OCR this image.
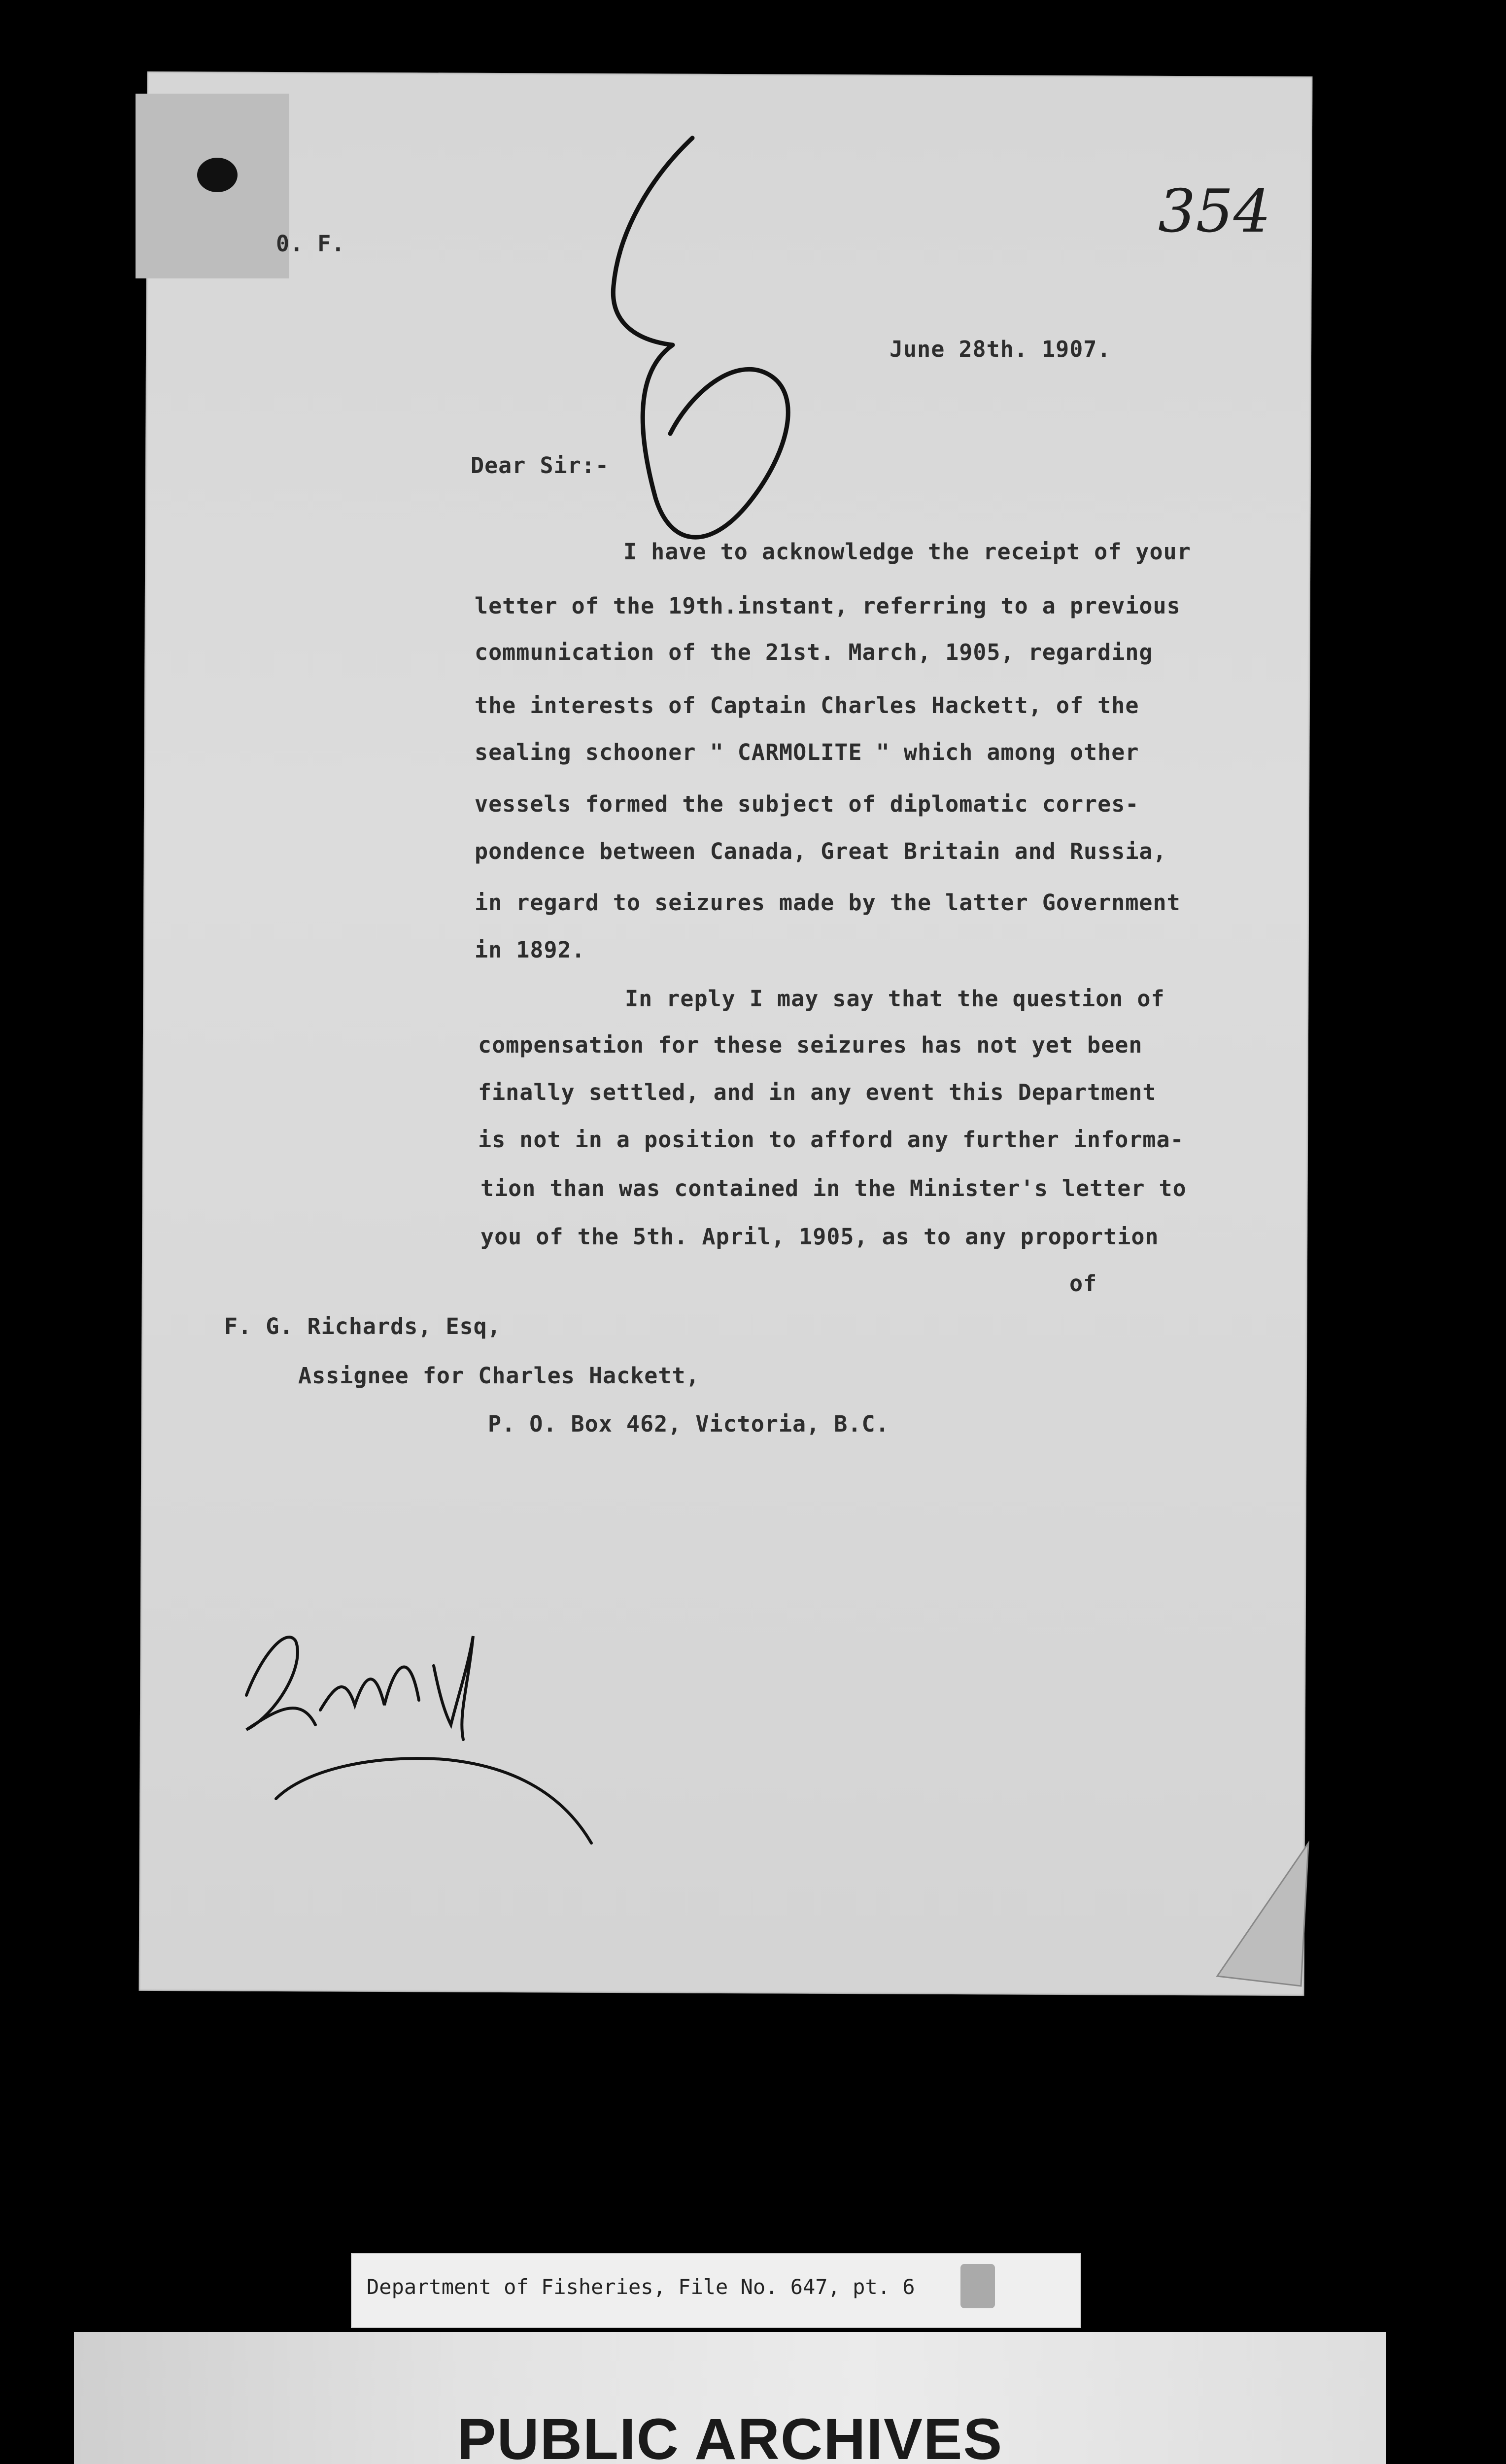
0. F.	354
June 28th. 1907.
Dear Sir:-
I have to acknowledge the receipt of your
letter of the 19th.instant, referring to a previous
communication of the 21st. March, 1905, regarding
the interests of Captain Charles Hackett, of the
sealing schooner " CARMOLITE " which among other
vessels formed the subject of diplomatic corres-
pondence between Canada, Great Britain and Russia,
in regard to seizures made by the latter Government
in 1892.
In reply I may say that the question of
compensation for these seizures has not yet been
finally settled, and in any event this Department
is not in a position to afford any further informa-
tion than was contained in the Minister's letter to
you of the 5th. April, 1905, as to any proportion
of
F. G. Richards, Esq,
Assignee for Charles Hackett,
P. O. Box 462, Victoria, B.C.
Department of Fisheries, File No. 647, pt. 6
PUBLIC ARCHIVES
